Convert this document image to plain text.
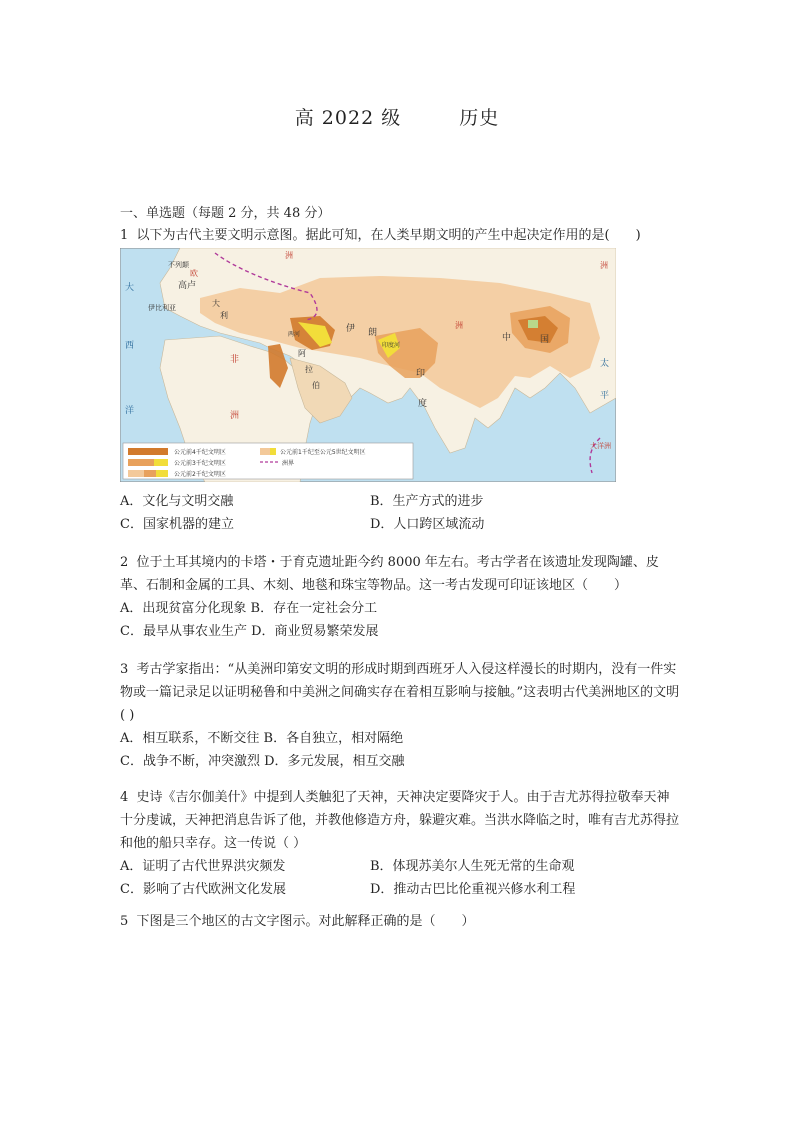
高 2022 级	历史
一、单选题（每题 2 分，共 48 分）

1 以下为古代主要文明示意图。据此可知，在人类早期文明的产生中起决定作用的是(　　)

不列颠
欧
高卢
伊比利亚	大
利
洲
大
西
洋
非
洲
两河
阿
拉
伯
伊 朗
印度河
印
度
洲
中	国
洲
太
平
大洋洲
公元前4千纪文明区
公元前3千纪文明区
公元前2千纪文明区
公元前1千纪至公元5世纪文明区
洲界
A．文化与文明交融	B．生产方式的进步
C．国家机器的建立	D．人口跨区域流动

2 位于土耳其境内的卡塔・于育克遗址距今约 8000 年左右。考古学者在该遗址发现陶罐、皮革、石制和金属的工具、木刻、地毯和珠宝等物品。这一考古发现可印证该地区（　　）

A．出现贫富分化现象 B．存在一定社会分工
C．最早从事农业生产 D．商业贸易繁荣发展

3 考古学家指出：“从美洲印第安文明的形成时期到西班牙人入侵这样漫长的时期内，没有一件实物或一篇记录足以证明秘鲁和中美洲之间确实存在着相互影响与接触。”这表明古代美洲地区的文明( )

A．相互联系，不断交往 B．各自独立，相对隔绝
C．战争不断，冲突激烈 D．多元发展，相互交融

4 史诗《吉尔伽美什》中提到人类触犯了天神，天神决定要降灾于人。由于吉尤苏得拉敬奉天神十分虔诚，天神把消息告诉了他，并教他修造方舟，躲避灾难。当洪水降临之时，唯有吉尤苏得拉和他的船只幸存。这一传说（ ）

A．证明了古代世界洪灾频发	B．体现苏美尔人生死无常的生命观
C．影响了古代欧洲文化发展	D．推动古巴比伦重视兴修水利工程

5 下图是三个地区的古文字图示。对此解释正确的是（　　）
